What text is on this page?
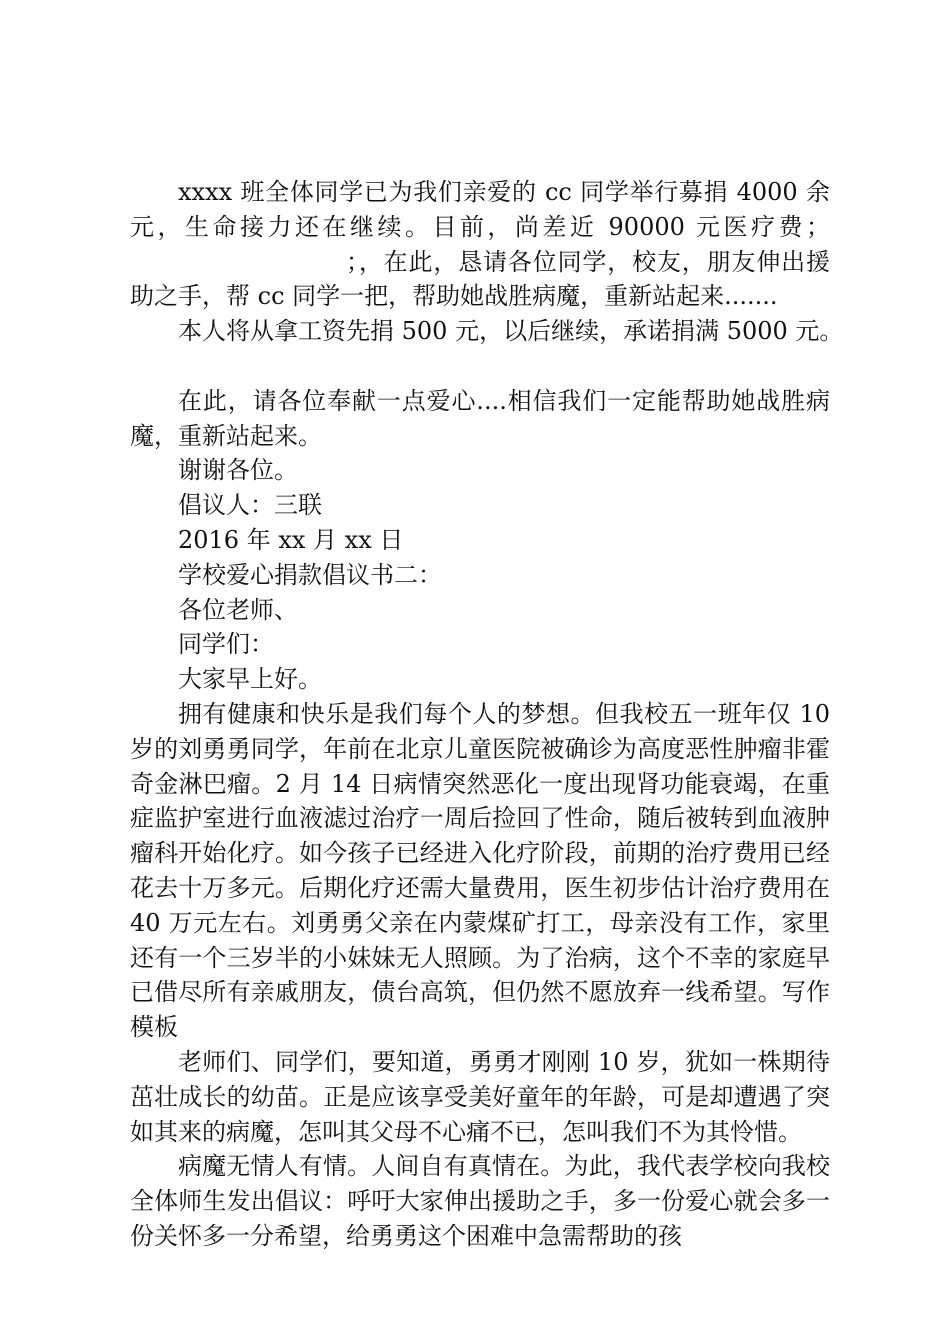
xxxx 班全体同学已为我们亲爱的 cc 同学举行募捐 4000 余元，生命接力还在继续。目前，尚差近 90000 元医疗费；；，在此，恳请各位同学，校友，朋友伸出援助之手，帮 cc 同学一把，帮助她战胜病魔，重新站起来.......

本人将从拿工资先捐 500 元，以后继续，承诺捐满 5000 元。

在此，请各位奉献一点爱心....相信我们一定能帮助她战胜病魔，重新站起来。

谢谢各位。

倡议人：三联

2016 年 xx 月 xx 日

学校爱心捐款倡议书二：

各位老师、

同学们：

大家早上好。

拥有健康和快乐是我们每个人的梦想。但我校五一班年仅 10 岁的刘勇勇同学，年前在北京儿童医院被确诊为高度恶性肿瘤非霍奇金淋巴瘤。2 月 14 日病情突然恶化一度出现肾功能衰竭，在重症监护室进行血液滤过治疗一周后捡回了性命，随后被转到血液肿瘤科开始化疗。如今孩子已经进入化疗阶段，前期的治疗费用已经花去十万多元。后期化疗还需大量费用，医生初步估计治疗费用在 40 万元左右。刘勇勇父亲在内蒙煤矿打工，母亲没有工作，家里还有一个三岁半的小妹妹无人照顾。为了治病，这个不幸的家庭早已借尽所有亲戚朋友，债台高筑，但仍然不愿放弃一线希望。写作模板

老师们、同学们，要知道，勇勇才刚刚 10 岁，犹如一株期待茁壮成长的幼苗。正是应该享受美好童年的年龄，可是却遭遇了突如其来的病魔，怎叫其父母不心痛不已，怎叫我们不为其怜惜。

病魔无情人有情。人间自有真情在。为此，我代表学校向我校全体师生发出倡议：呼吁大家伸出援助之手，多一份爱心就会多一份关怀多一分希望，给勇勇这个困难中急需帮助的孩
